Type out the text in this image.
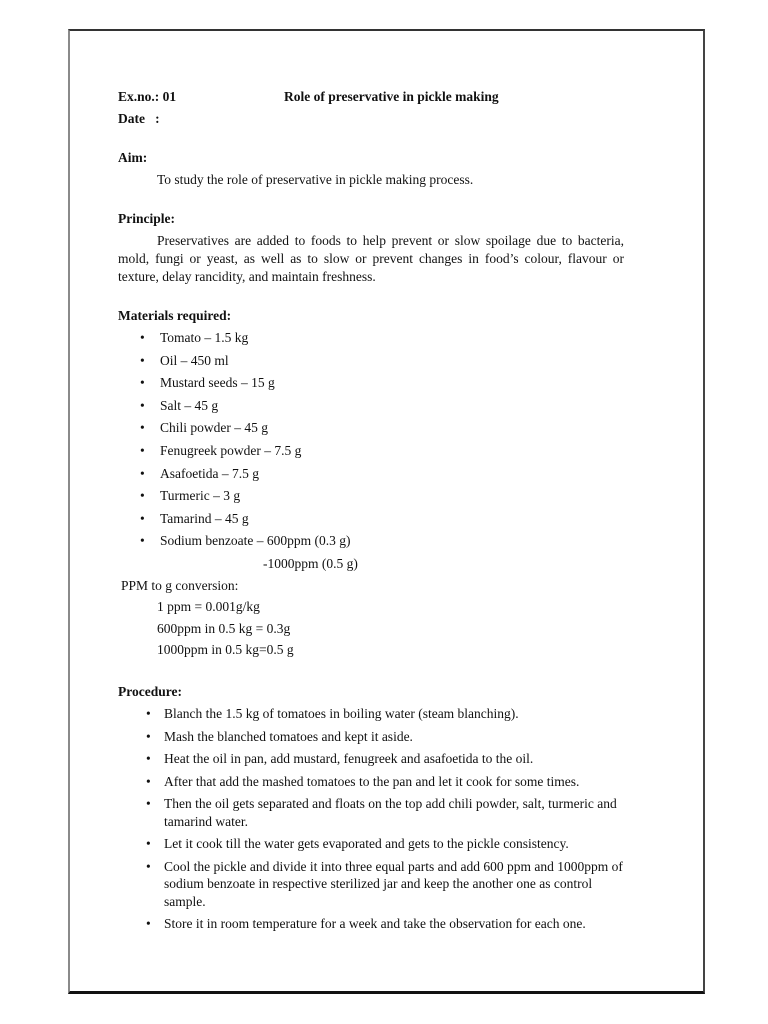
Ex.no.: 01	Role of preservative in pickle making
Date   :
Aim:
To study the role of preservative in pickle making process.
Principle:
Preservatives are added to foods to help prevent or slow spoilage due to bacteria, mold, fungi or yeast, as well as to slow or prevent changes in food’s colour, flavour or texture, delay rancidity, and maintain freshness.
Materials required:
• Tomato – 1.5 kg
• Oil – 450 ml
• Mustard seeds – 15 g
• Salt – 45 g
• Chili powder – 45 g
• Fenugreek powder – 7.5 g
• Asafoetida – 7.5 g
• Turmeric – 3 g
• Tamarind – 45 g
• Sodium benzoate – 600ppm (0.3 g)
-1000ppm (0.5 g)
PPM to g conversion:
1 ppm = 0.001g/kg
600ppm in 0.5 kg = 0.3g
1000ppm in 0.5 kg=0.5 g
Procedure:
• Blanch the 1.5 kg of tomatoes in boiling water (steam blanching).
• Mash the blanched tomatoes and kept it aside.
• Heat the oil in pan, add mustard, fenugreek and asafoetida to the oil.
• After that add the mashed tomatoes to the pan and let it cook for some times.
• Then the oil gets separated and floats on the top add chili powder, salt, turmeric and tamarind water.
• Let it cook till the water gets evaporated and gets to the pickle consistency.
• Cool the pickle and divide it into three equal parts and add 600 ppm and 1000ppm of sodium benzoate in respective sterilized jar and keep the another one as control sample.
• Store it in room temperature for a week and take the observation for each one.
